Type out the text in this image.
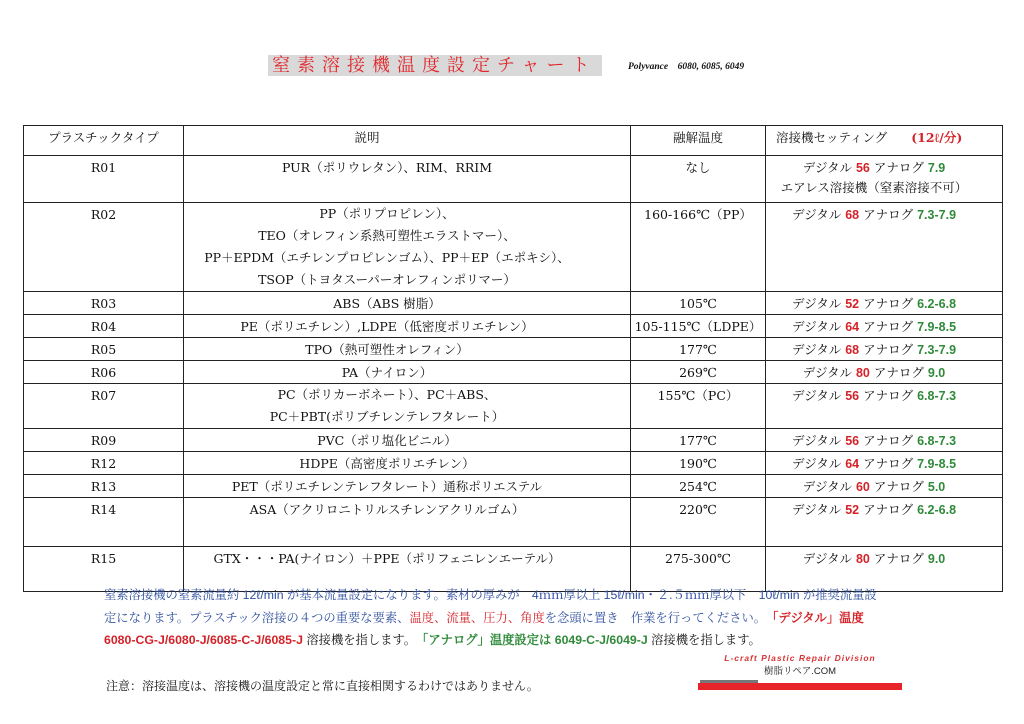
窒素溶接機温度設定チャート	Polyvance　6080, 6085, 6049
プラスチックタイプ	説明	融解温度	溶接機セッティング (12ℓ/分)
R01	PUR（ポリウレタン）、RIM、RRIM	なし	デジタル 56 アナログ 7.9
エアレス溶接機（窒素溶接不可）

R02	PP（ポリプロピレン）、
TEO（オレフィン系熱可塑性エラストマー）、
PP＋EPDM（エチレンプロピレンゴム）、PP＋EP（エポキシ）、
TSOP（トヨタスーパーオレフィンポリマー）	160-166℃（PP）	デジタル 68 アナログ 7.3-7.9

R03	ABS（ABS 樹脂）	105℃	デジタル 52 アナログ 6.2-6.8

R04	PE（ポリエチレン）,LDPE（低密度ポリエチレン）	105-115℃（LDPE）	デジタル 64 アナログ 7.9-8.5

R05	TPO（熱可塑性オレフィン）	177℃	デジタル 68 アナログ 7.3-7.9

R06	PA（ナイロン）	269℃	デジタル 80 アナログ 9.0

R07	PC（ポリカーボネート）、PC＋ABS、
PC＋PBT(ポリブチレンテレフタレート）	155℃（PC）	デジタル 56 アナログ 6.8-7.3

R09	PVC（ポリ塩化ビニル）	177℃	デジタル 56 アナログ 6.8-7.3

R12	HDPE（高密度ポリエチレン）	190℃	デジタル 64 アナログ 7.9-8.5

R13	PET（ポリエチレンテレフタレート）通称ポリエステル	254℃	デジタル 60 アナログ 5.0

R14	ASA（アクリロニトリルスチレンアクリルゴム）	220℃	デジタル 52 アナログ 6.2-6.8

R15	GTX・・・PA(ナイロン）＋PPE（ポリフェニレンエーテル）	275-300℃	デジタル 80 アナログ 9.0
窒素溶接機の窒素流量約 12ℓ/min が基本流量設定になります。素材の厚みが　4ｍｍ厚以上 15ℓ/min・２.５ｍｍ厚以下　10ℓ/min が推奨流量設
定になります。プラスチック溶接の４つの重要な要素、温度、流量、圧力、角度を念頭に置き　作業を行ってください。　「デジタル」温度
6080-CG-J/6080-J/6085-C-J/6085-J 溶接機を指します。　「アナログ」温度設定は 6049-C-J/6049-J 溶接機を指します。
注意：溶接温度は、溶接機の温度設定と常に直接相関するわけではありません。
L-craft Plastic Repair Division
樹脂リペア.COM
